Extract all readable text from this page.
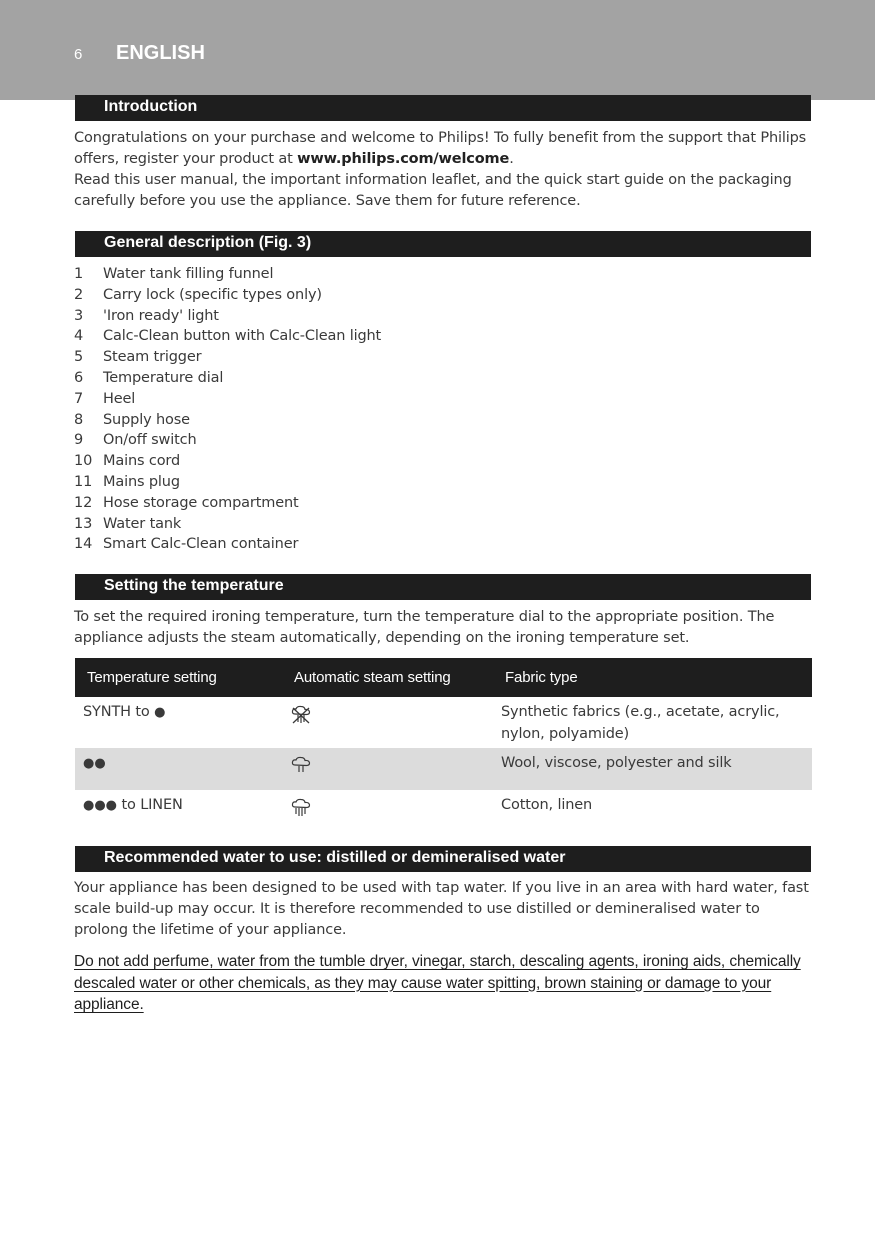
6 ENGLISH
Introduction
Congratulations on your purchase and welcome to Philips! To fully benefit from the support that Philips offers, register your product at www.philips.com/welcome.
Read this user manual, the important information leaflet, and the quick start guide on the packaging carefully before you use the appliance. Save them for future reference.
General description (Fig. 3)
1 Water tank filling funnel
2 Carry lock (specific types only)
3 'Iron ready' light
4 Calc-Clean button with Calc-Clean light
5 Steam trigger
6 Temperature dial
7 Heel
8 Supply hose
9 On/off switch
10 Mains cord
11 Mains plug
12 Hose storage compartment
13 Water tank
14 Smart Calc-Clean container
Setting the temperature
To set the required ironing temperature, turn the temperature dial to the appropriate position. The appliance adjusts the steam automatically, depending on the ironing temperature set.
Temperature setting	Automatic steam setting	Fabric type
SYNTH to ●		Synthetic fabrics (e.g., acetate, acrylic, nylon, polyamide)
●●		Wool, viscose, polyester and silk
●●● to LINEN		Cotton, linen
Recommended water to use: distilled or demineralised water
Your appliance has been designed to be used with tap water. If you live in an area with hard water, fast scale build-up may occur. It is therefore recommended to use distilled or demineralised water to prolong the lifetime of your appliance.
Do not add perfume, water from the tumble dryer, vinegar, starch, descaling agents, ironing aids, chemically descaled water or other chemicals, as they may cause water spitting, brown staining or damage to your appliance.
